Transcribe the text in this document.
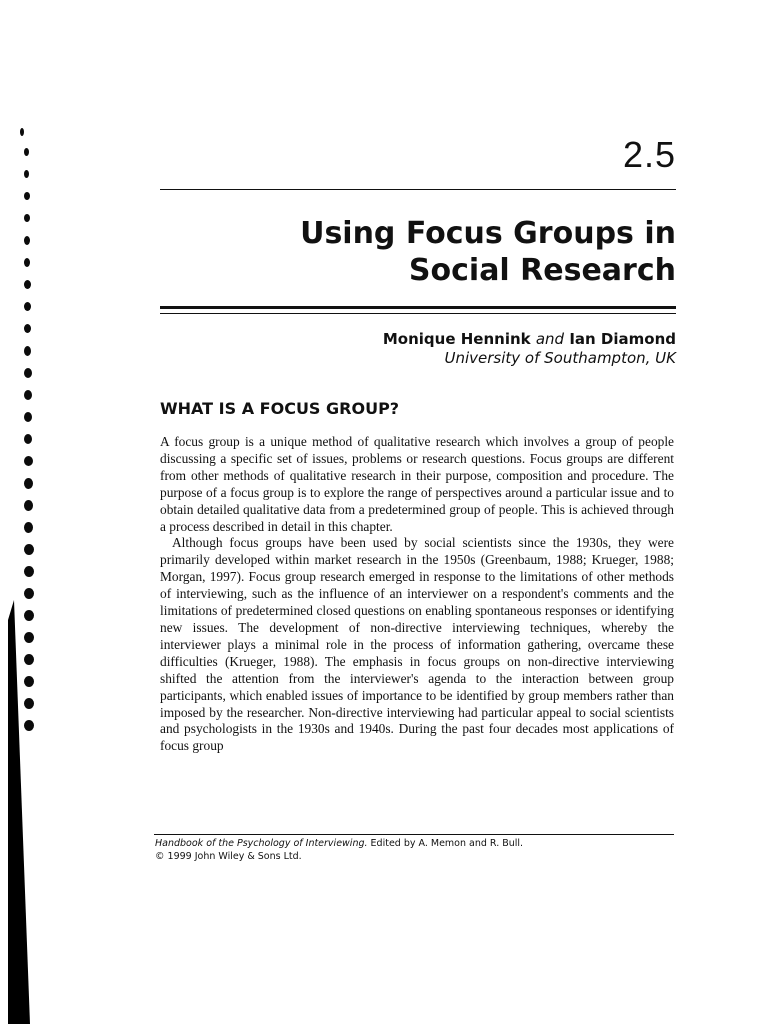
2.5
Using Focus Groups in
Social Research
Monique Hennink and Ian Diamond
University of Southampton, UK
WHAT IS A FOCUS GROUP?

A focus group is a unique method of qualitative research which involves a group of people discussing a specific set of issues, problems or research questions. Focus groups are different from other methods of qualitative research in their purpose, composition and procedure. The purpose of a focus group is to explore the range of perspectives around a particular issue and to obtain detailed qualitative data from a predetermined group of people. This is achieved through a process described in detail in this chapter.

Although focus groups have been used by social scientists since the 1930s, they were primarily developed within market research in the 1950s (Greenbaum, 1988; Krueger, 1988; Morgan, 1997). Focus group research emerged in response to the limitations of other methods of interviewing, such as the influence of an interviewer on a respondent's comments and the limitations of predetermined closed questions on enabling spontaneous responses or identifying new issues. The development of non-directive interviewing techniques, whereby the interviewer plays a minimal role in the process of information gathering, overcame these difficulties (Krueger, 1988). The emphasis in focus groups on non-directive interviewing shifted the attention from the interviewer's agenda to the interaction between group participants, which enabled issues of importance to be identified by group members rather than imposed by the researcher. Non-directive interviewing had particular appeal to social scientists and psychologists in the 1930s and 1940s. During the past four decades most applications of focus group

Handbook of the Psychology of Interviewing. Edited by A. Memon and R. Bull.
© 1999 John Wiley & Sons Ltd.
